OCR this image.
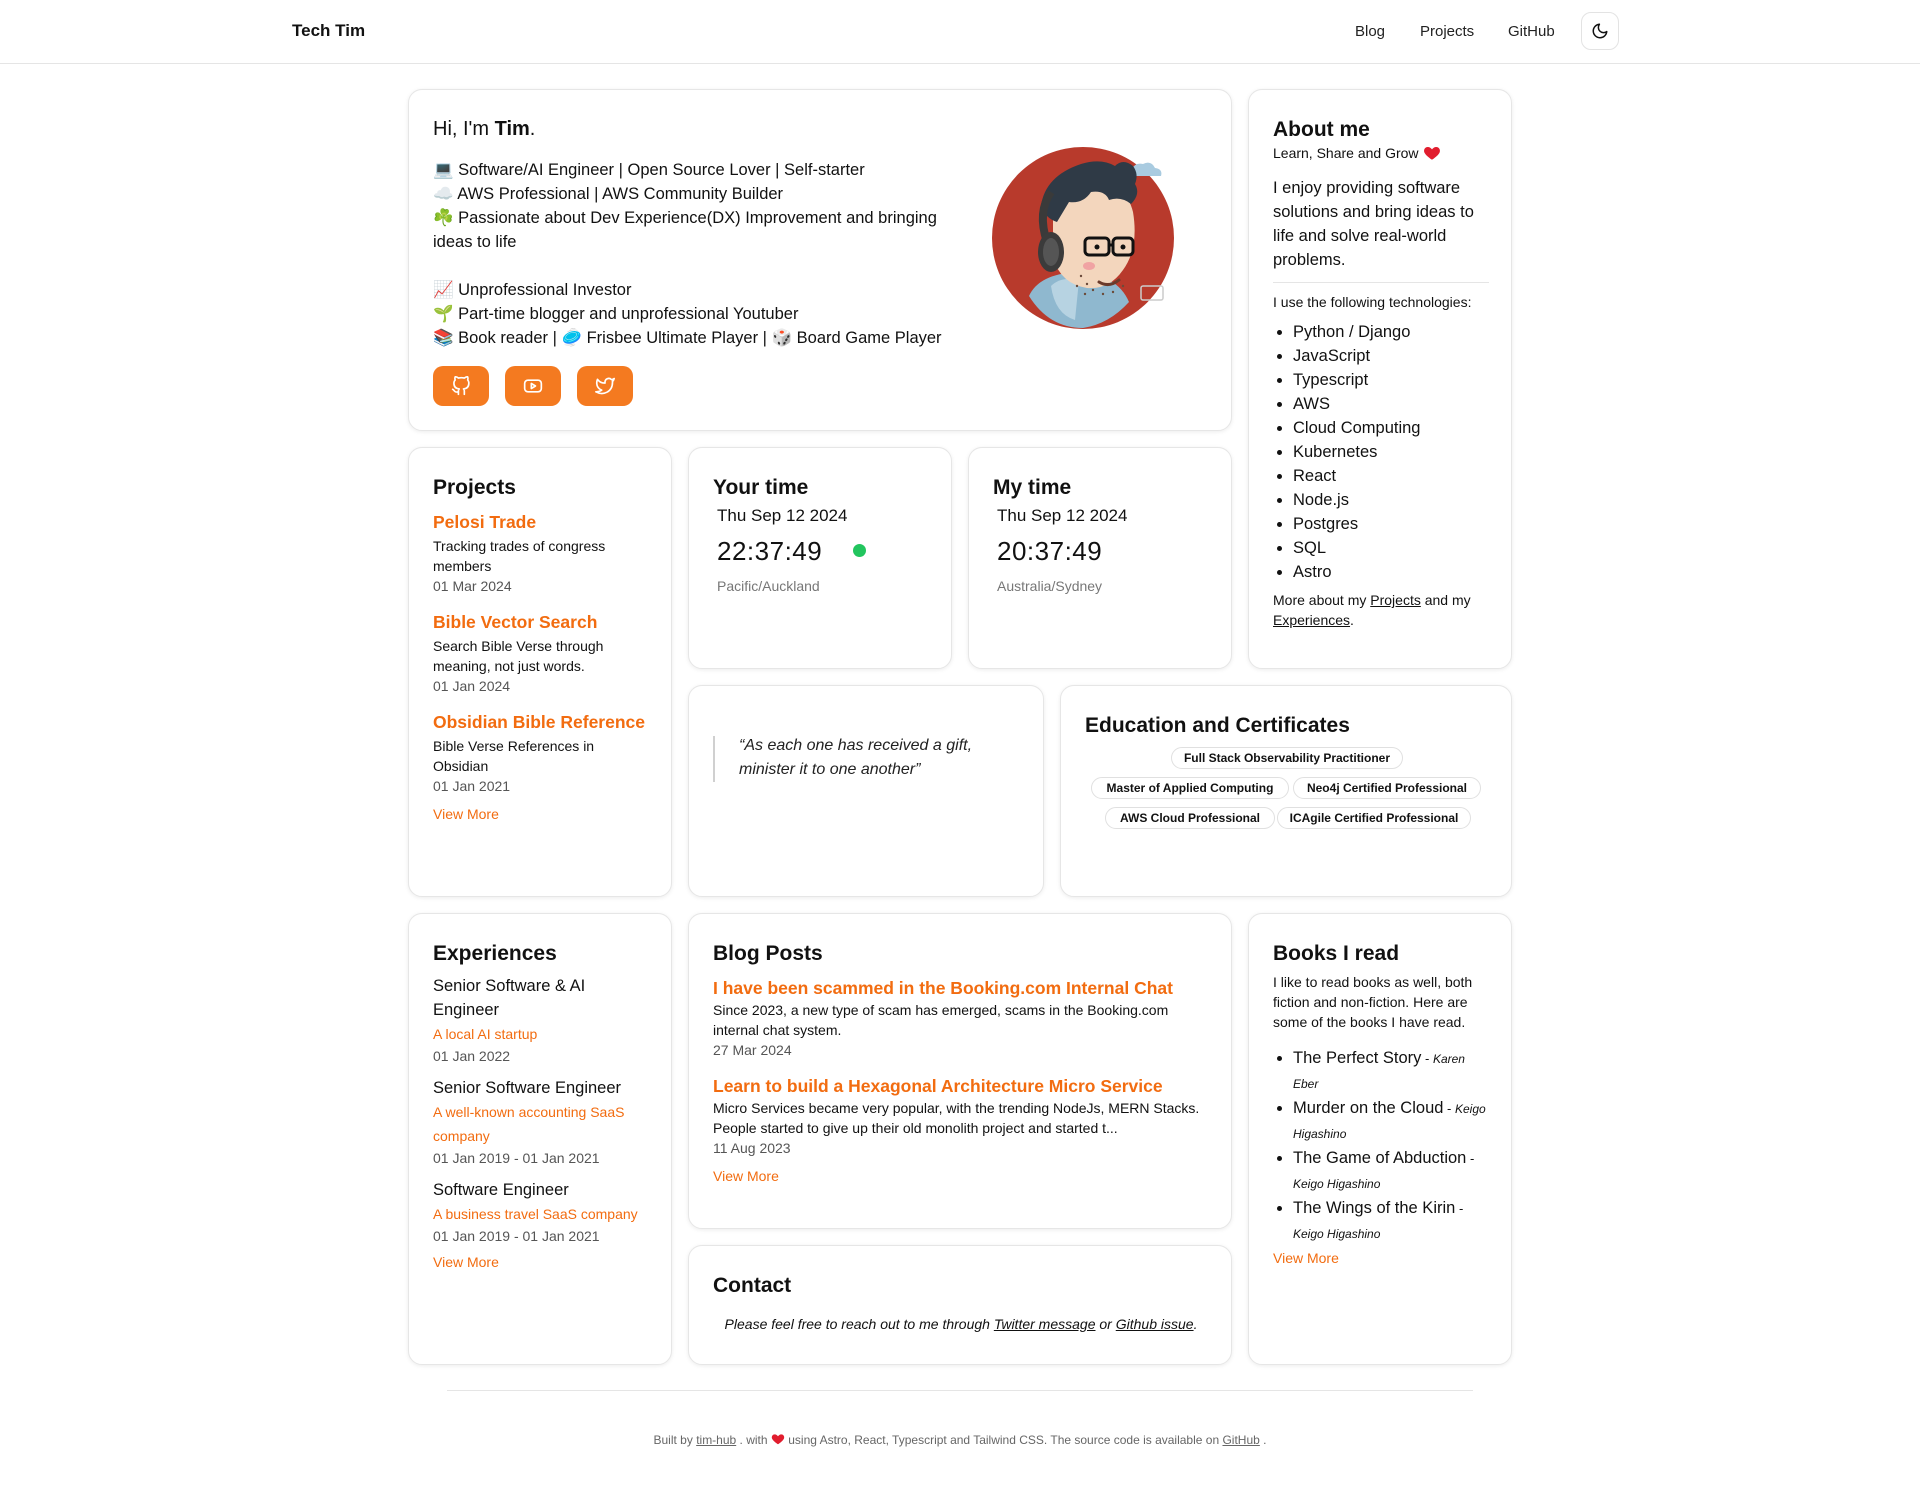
Tech Tim	Blog Projects GitHub
Hi, I'm Tim.
💻 Software/AI Engineer | Open Source Lover | Self-starter
☁️ AWS Professional | AWS Community Builder
☘️ Passionate about Dev Experience(DX) Improvement and bringing ideas to life
📈 Unprofessional Investor
🌱 Part-time blogger and unprofessional Youtuber
📚 Book reader | 🥏 Frisbee Ultimate Player | 🎲 Board Game Player
About me
Learn, Share and Grow

I enjoy providing software solutions and bring ideas to life and solve real-world problems.

I use the following technologies:

Python / Django
JavaScript
Typescript
AWS
Cloud Computing
Kubernetes
React
Node.js
Postgres
SQL
Astro

More about my Projects and my
Experiences.

Projects
Pelosi Trade

Tracking trades of congress members

01 Mar 2024

Bible Vector Search

Search Bible Verse through meaning, not just words.

01 Jan 2024

Obsidian Bible Reference

Bible Verse References in Obsidian

01 Jan 2021

View More
Your time

Thu Sep 12 2024

22:37:49

Pacific/Auckland

My time

Thu Sep 12 2024

20:37:49

Australia/Sydney

“As each one has received a gift, minister it to one another”

Education and Certificates
Full Stack Observability Practitioner
Master of Applied Computing	Neo4j Certified Professional
AWS Cloud Professional	ICAgile Certified Professional
Experiences

Senior Software & AI Engineer

A local AI startup

01 Jan 2022

Senior Software Engineer

A well-known accounting SaaS company

01 Jan 2019 - 01 Jan 2021

Software Engineer

A business travel SaaS company

01 Jan 2019 - 01 Jan 2021

View More
Blog Posts
I have been scammed in the Booking.com Internal Chat

Since 2023, a new type of scam has emerged, scams in the Booking.com internal chat system.

27 Mar 2024

Learn to build a Hexagonal Architecture Micro Service

Micro Services became very popular, with the trending NodeJs, MERN Stacks. People started to give up their old monolith project and started t...

11 Aug 2023

View More
Contact

Please feel free to reach out to me through Twitter message or Github issue.

Books I read

I like to read books as well, both fiction and non-fiction. Here are some of the books I have read.

The Perfect Story - Karen Eber
Murder on the Cloud - Keigo Higashino
The Game of Abduction - Keigo Higashino
The Wings of the Kirin - Keigo Higashino
View More
Built by tim-hub . with  using Astro, React, Typescript and Tailwind CSS. The source code is available on GitHub .
